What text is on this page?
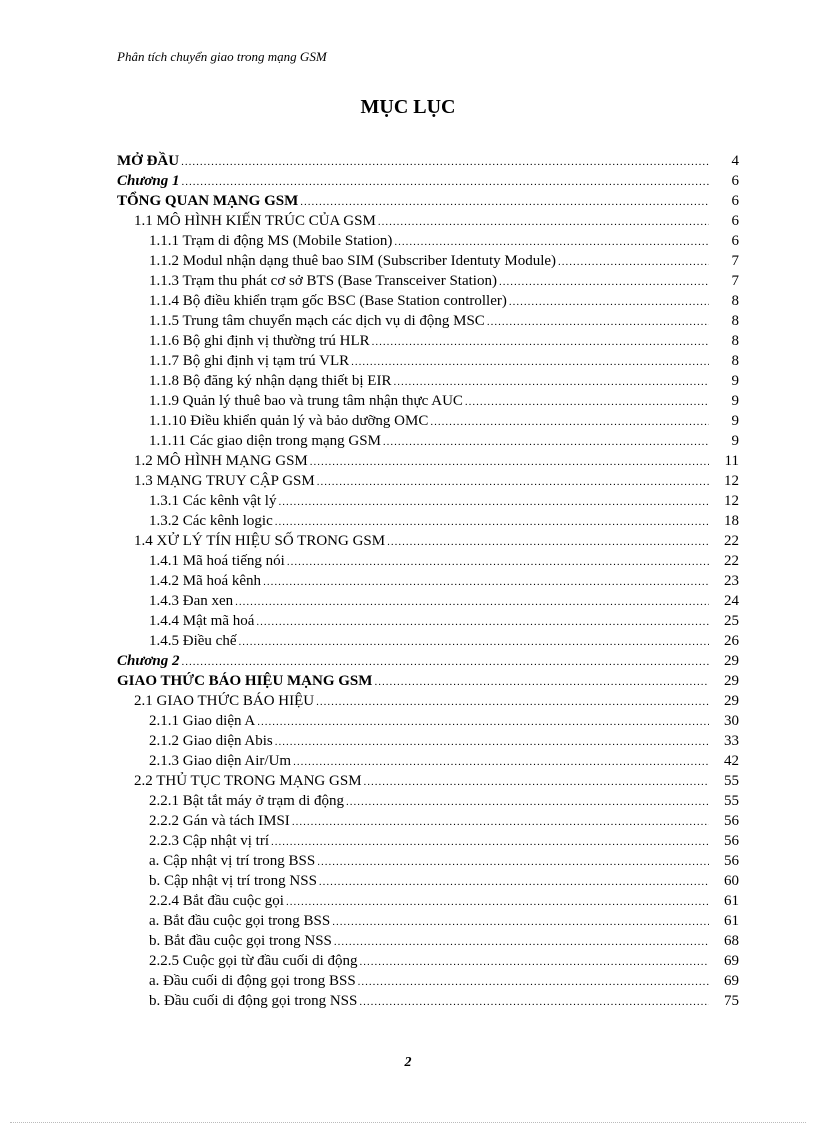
Phân tích chuyển giao trong mạng GSM
MỤC LỤC
MỞ ĐẦU .....	4
Chương 1 .....	6
TỔNG QUAN MẠNG GSM .....	6
1.1 MÔ HÌNH KIẾN TRÚC CỦA GSM .....	6
1.1.1 Trạm di động MS (Mobile Station) .....	6
1.1.2 Modul nhận dạng thuê bao SIM (Subscriber Identuty Module) .....	7
1.1.3 Trạm thu phát cơ sở BTS (Base Transceiver Station) .....	7
1.1.4 Bộ điều khiển trạm gốc BSC (Base Station controller) .....	8
1.1.5 Trung tâm chuyển mạch các dịch vụ di động MSC .....	8
1.1.6 Bộ ghi định vị thường trú HLR .....	8
1.1.7 Bộ ghi định vị tạm trú VLR .....	8
1.1.8 Bộ đăng ký nhận dạng thiết bị EIR .....	9
1.1.9 Quản lý thuê bao và trung tâm nhận thực AUC .....	9
1.1.10 Điều khiển quản lý và bảo dưỡng OMC .....	9
1.1.11 Các giao diện trong mạng GSM .....	9
1.2 MÔ HÌNH MẠNG GSM .....	11
1.3 MẠNG TRUY CẬP GSM .....	12
1.3.1 Các kênh vật lý .....	12
1.3.2 Các kênh logic .....	18
1.4 XỬ LÝ TÍN HIỆU SỐ TRONG GSM .....	22
1.4.1 Mã hoá tiếng nói .....	22
1.4.2 Mã hoá kênh .....	23
1.4.3 Đan xen .....	24
1.4.4 Mật mã hoá .....	25
1.4.5 Điều chế .....	26
Chương 2 .....	29
GIAO THỨC BÁO HIỆU MẠNG GSM .....	29
2.1 GIAO THỨC BÁO HIỆU .....	29
2.1.1 Giao diện A .....	30
2.1.2 Giao diện Abis .....	33
2.1.3 Giao diện Air/Um .....	42
2.2 THỦ TỤC TRONG MẠNG GSM .....	55
2.2.1 Bật tắt máy ở trạm di động .....	55
2.2.2 Gán và tách IMSI .....	56
2.2.3 Cập nhật vị trí .....	56
a. Cập nhật vị trí trong BSS .....	56
b. Cập nhật vị trí trong NSS .....	60
2.2.4 Bắt đầu cuộc gọi .....	61
a. Bắt đầu cuộc gọi trong BSS .....	61
b. Bắt đầu cuộc gọi trong NSS .....	68
2.2.5 Cuộc gọi từ đầu cuối di động .....	69
a. Đầu cuối di động gọi trong BSS .....	69
b. Đầu cuối di động gọi trong NSS .....	75
2
